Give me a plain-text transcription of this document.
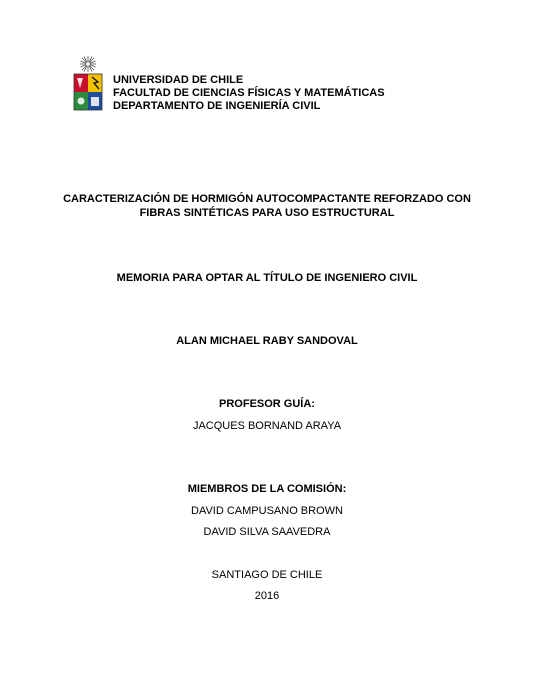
UNIVERSIDAD DE CHILE
FACULTAD DE CIENCIAS FÍSICAS Y MATEMÁTICAS
DEPARTAMENTO DE INGENIERÍA CIVIL
CARACTERIZACIÓN DE HORMIGÓN AUTOCOMPACTANTE REFORZADO CON
FIBRAS SINTÉTICAS PARA USO ESTRUCTURAL
MEMORIA PARA OPTAR AL TÍTULO DE INGENIERO CIVIL
ALAN MICHAEL RABY SANDOVAL
PROFESOR GUÍA:
JACQUES BORNAND ARAYA
MIEMBROS DE LA COMISIÓN:
DAVID CAMPUSANO BROWN
DAVID SILVA SAAVEDRA
SANTIAGO DE CHILE
2016
